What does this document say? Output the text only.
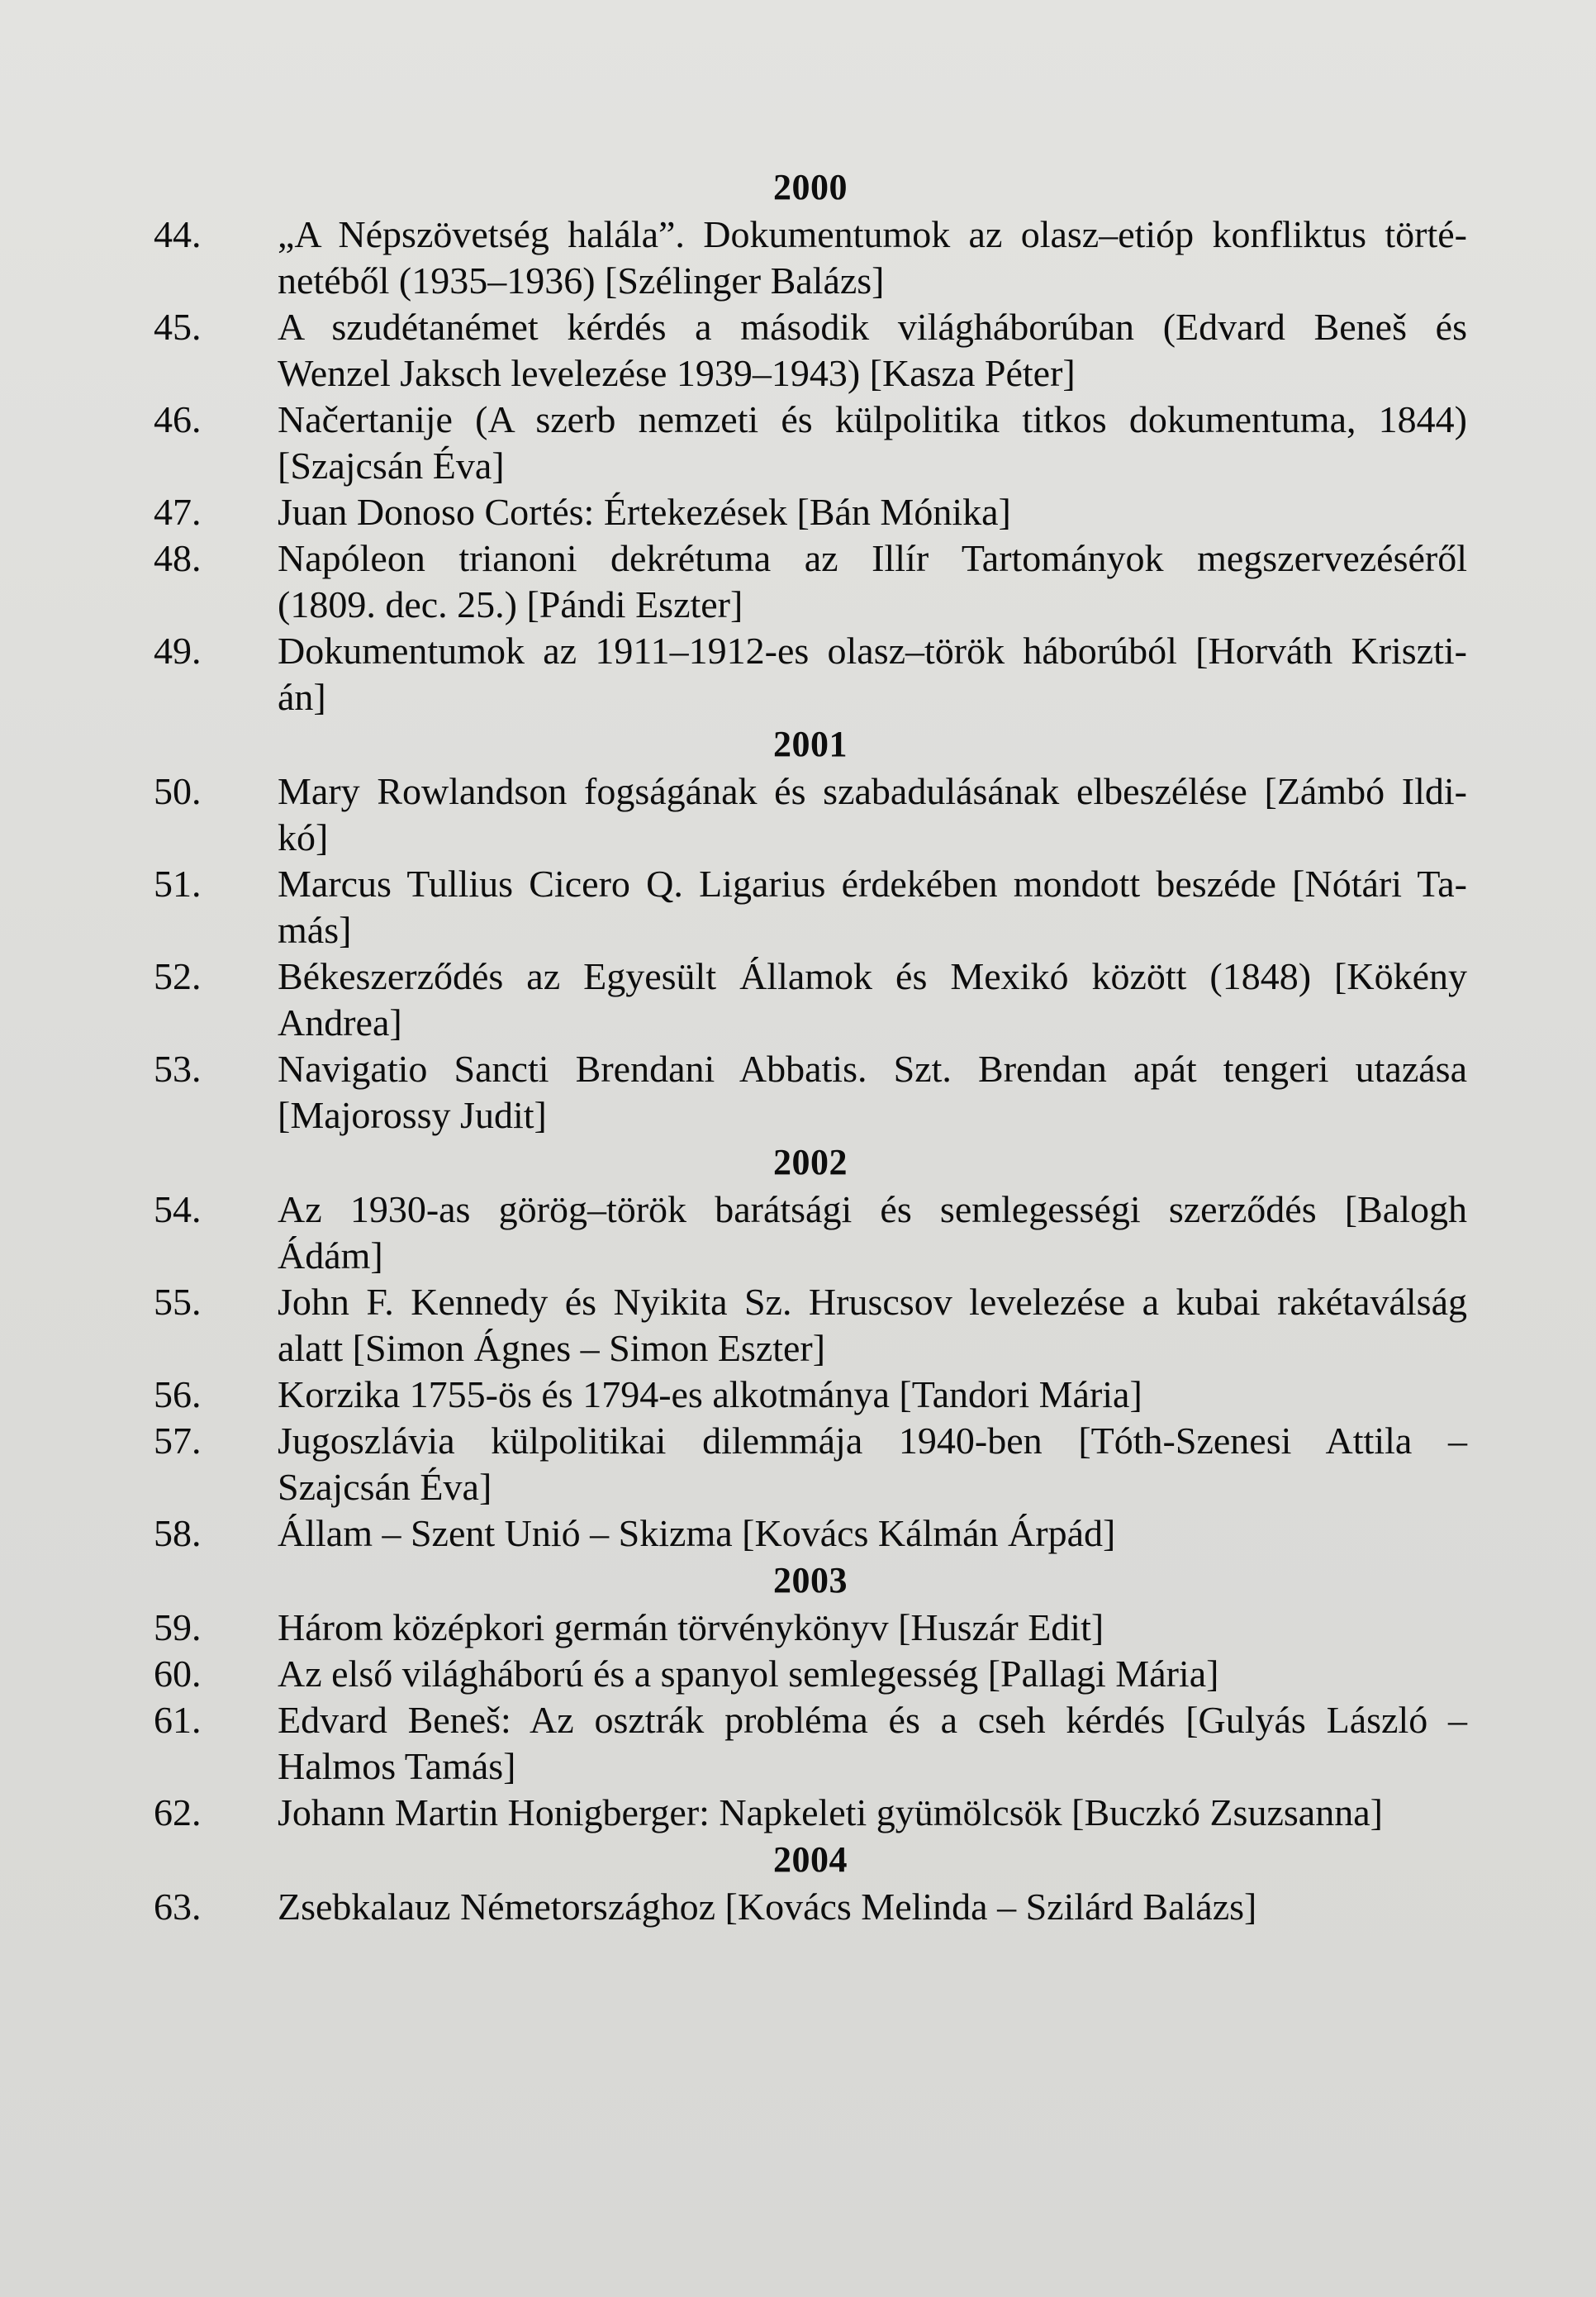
2000
44.	„A Népszövetség halála”. Dokumentumok az olasz–etióp konfliktus törté-
netéből (1935–1936) [Szélinger Balázs]
45.	A szudétanémet kérdés a második világháborúban (Edvard Beneš és
Wenzel Jaksch levelezése 1939–1943) [Kasza Péter]
46.	Načertanije (A szerb nemzeti és külpolitika titkos dokumentuma, 1844)
[Szajcsán Éva]
47.	Juan Donoso Cortés: Értekezések [Bán Mónika]
48.	Napóleon trianoni dekrétuma az Illír Tartományok megszervezéséről
(1809. dec. 25.) [Pándi Eszter]
49.	Dokumentumok az 1911–1912-es olasz–török háborúból [Horváth Kriszti-
án]
2001
50.	Mary Rowlandson fogságának és szabadulásának elbeszélése [Zámbó Ildi-
kó]
51.	Marcus Tullius Cicero Q. Ligarius érdekében mondott beszéde [Nótári Ta-
más]
52.	Békeszerződés az Egyesült Államok és Mexikó között (1848) [Kökény
Andrea]
53.	Navigatio Sancti Brendani Abbatis. Szt. Brendan apát tengeri utazása
[Majorossy Judit]
2002
54.	Az 1930-as görög–török barátsági és semlegességi szerződés [Balogh
Ádám]
55.	John F. Kennedy és Nyikita Sz. Hruscsov levelezése a kubai rakétaválság
alatt [Simon Ágnes – Simon Eszter]
56.	Korzika 1755-ös és 1794-es alkotmánya [Tandori Mária]
57.	Jugoszlávia külpolitikai dilemmája 1940-ben [Tóth-Szenesi Attila –
Szajcsán Éva]
58.	Állam – Szent Unió – Skizma [Kovács Kálmán Árpád]
2003
59.	Három középkori germán törvénykönyv [Huszár Edit]
60.	Az első világháború és a spanyol semlegesség [Pallagi Mária]
61.	Edvard Beneš: Az osztrák probléma és a cseh kérdés [Gulyás László –
Halmos Tamás]
62.	Johann Martin Honigberger: Napkeleti gyümölcsök [Buczkó Zsuzsanna]
2004
63.	Zsebkalauz Németországhoz [Kovács Melinda – Szilárd Balázs]
